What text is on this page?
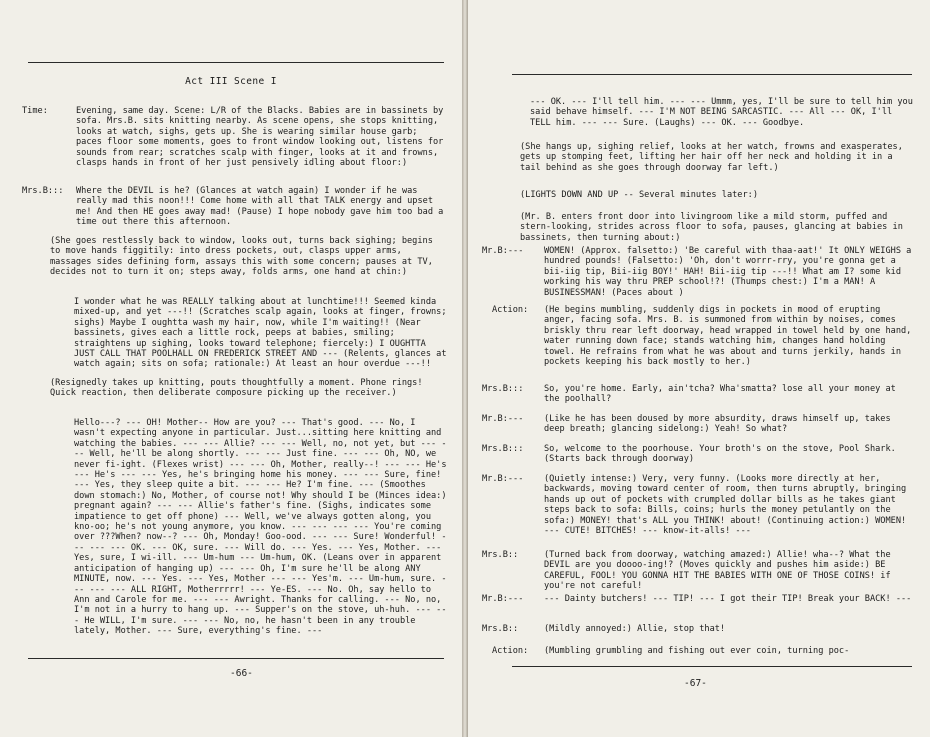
Act III Scene I
Time:	Evening, same day. Scene: L/R of the Blacks. Babies are in bassinets by sofa. Mrs.B. sits knitting nearby. As scene opens, she stops knitting, looks at watch, sighs, gets up. She is wearing similar house garb; paces floor some moments, goes to front window looking out, listens for sounds from rear; scratches scalp with finger, looks at it and frowns, clasps hands in front of her just pensively idling about floor:)
Mrs.B::: Where the DEVIL is he? (Glances at watch again) I wonder if he was really mad this noon!!! Come home with all that TALK energy and upset me! And then HE goes away mad! (Pause) I hope nobody gave him too bad a time out there this afternoon.
(She goes restlessly back to window, looks out, turns back sighing; begins to move hands figgitily: into dress pockets, out, clasps upper arms, massages sides defining form, assays this with some concern; pauses at TV, decides not to turn it on; steps away, folds arms, one hand at chin:)
I wonder what he was REALLY talking about at lunchtime!!! Seemed kinda mixed-up, and yet ---!! (Scratches scalp again, looks at finger, frowns; sighs) Maybe I oughtta wash my hair, now, while I'm waiting!! (Near bassinets, gives each a little rock, peeps at babies, smiling; straightens up sighing, looks toward telephone; fiercely:) I OUGHTTA JUST CALL THAT POOLHALL ON FREDERICK STREET AND --- (Relents, glances at watch again; sits on sofa; rationale:) At least an hour overdue ---!!
(Resignedly takes up knitting, pouts thoughtfully a moment. Phone rings! Quick reaction, then deliberate composure picking up the receiver.)
Hello---? --- OH! Mother-- How are you? --- That's good. --- No, I wasn't expecting anyone in particular. Just...sitting here knitting and watching the babies. --- --- Allie? --- --- Well, no, not yet, but --- --- Well, he'll be along shortly. --- --- Just fine. --- --- Oh, NO, we never fi-ight. (Flexes wrist) --- --- Oh, Mother, really--! --- --- He's --- He's --- --- Yes, he's bringing home his money. --- --- Sure, fine! --- Yes, they sleep quite a bit. --- --- He? I'm fine. --- (Smoothes down stomach:) No, Mother, of course not! Why should I be (Minces idea:) pregnant again? --- --- Allie's father's fine. (Sighs, indicates some impatience to get off phone) --- Well, we've always gotten along, you kno-oo; he's not young anymore, you know. --- --- --- --- You're coming over ???When? now--? --- Oh, Monday! Goo-ood. --- --- Sure! Wonderful! --- --- --- OK. --- OK, sure. --- Will do. --- Yes. --- Yes, Mother. --- Yes, sure, I wi-ill. --- Um-hum --- Um-hum, OK. (Leans over in apparent anticipation of hanging up) --- --- Oh, I'm sure he'll be along ANY MINUTE, now. --- Yes. --- Yes, Mother --- --- Yes'm. --- Um-hum, sure. --- --- --- ALL RIGHT, Motherrrrr! --- Ye-ES. --- No. Oh, say hello to Ann and Carole for me. --- --- Awright. Thanks for calling. --- No, no, I'm not in a hurry to hang up. --- Supper's on the stove, uh-huh. --- --- He WILL, I'm sure. --- --- No, no, he hasn't been in any trouble lately, Mother. --- Sure, everything's fine. ---
-66-
--- OK. --- I'll tell him. --- --- Ummm, yes, I'll be sure to tell him you said behave himself. --- I'M NOT BEING SARCASTIC. --- All --- OK, I'll TELL him. --- --- Sure. (Laughs) --- OK. --- Goodbye.
(She hangs up, sighing relief, looks at her watch, frowns and exasperates, gets up stomping feet, lifting her hair off her neck and holding it in a tail behind as she goes through doorway far left.)
(LIGHTS DOWN AND UP -- Several minutes later:)
(Mr. B. enters front door into livingroom like a mild storm, puffed and stern-looking, strides across floor to sofa, pauses, glancing at babies in bassinets, then turning about:)
Mr.B:--- WOMEN! (Approx. falsetto:) 'Be careful with thaa-aat!' It ONLY WEIGHS a hundred pounds! (Falsetto:) 'Oh, don't worrr-rry, you're gonna get a bii-iig tip, Bii-iig BOY!' HAH! Bii-iig tip ---!! What am I? some kid working his way thru PREP school!?! (Thumps chest:) I'm a MAN! A BUSINESSMAN! (Paces about )
Action: (He begins mumbling, suddenly digs in pockets in mood of erupting anger, facing sofa. Mrs. B. is summoned from within by noises, comes briskly thru rear left doorway, head wrapped in towel held by one hand, water running down face; stands watching him, changes hand holding towel. He refrains from what he was about and turns jerkily, hands in pockets keeping his back mostly to her.)
Mrs.B::: So, you're home. Early, ain'tcha? Wha'smatta? lose all your money at the poolhall?
Mr.B:--- (Like he has been doused by more absurdity, draws himself up, takes deep breath; glancing sidelong:) Yeah! So what?
Mrs.B::: So, welcome to the poorhouse. Your broth's on the stove, Pool Shark. (Starts back through doorway)
Mr.B:--- (Quietly intense:) Very, very funny. (Looks more directly at her, backwards, moving toward center of room, then turns abruptly, bringing hands up out of pockets with crumpled dollar bills as he takes giant steps back to sofa: Bills, coins; hurls the money petulantly on the sofa:) MONEY! that's ALL you THINK! about! (Continuing action:) WOMEN! --- CUTE! BITCHES! --- know-it-alls! ---
Mrs.B::	(Turned back from doorway, watching amazed:) Allie! wha--? What the DEVIL are you doooo-ing!? (Moves quickly and pushes him aside:) BE CAREFUL, FOOL! YOU GONNA HIT THE BABIES WITH ONE OF THOSE COINS! if you're not careful!
Mr.B:--- --- Dainty butchers! --- TIP! --- I got their TIP! Break your BACK! ---
Mrs.B::	(Mildly annoyed:) Allie, stop that!
Action: (Mumbling grumbling and fishing out ever coin, turning poc-
-67-
